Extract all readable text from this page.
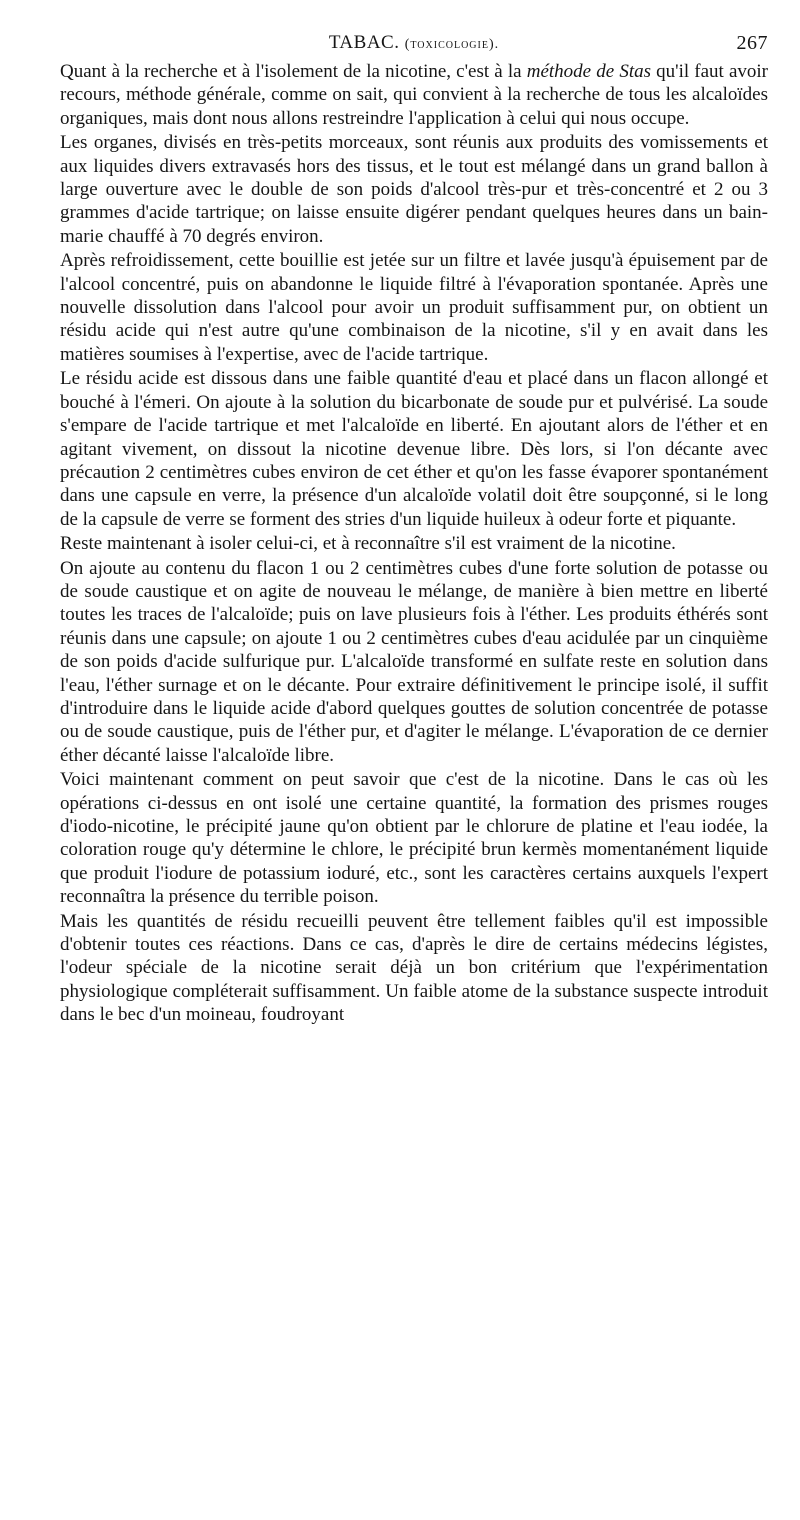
TABAC. (toxicologie).	267

Quant à la recherche et à l'isolement de la nicotine, c'est à la méthode de Stas qu'il faut avoir recours, méthode générale, comme on sait, qui convient à la recherche de tous les alcaloïdes organiques, mais dont nous allons restreindre l'application à celui qui nous occupe.

Les organes, divisés en très-petits morceaux, sont réunis aux produits des vomissements et aux liquides divers extravasés hors des tissus, et le tout est mélangé dans un grand ballon à large ouverture avec le double de son poids d'alcool très-pur et très-concentré et 2 ou 3 grammes d'acide tartrique; on laisse ensuite digérer pendant quelques heures dans un bain-marie chauffé à 70 degrés environ.

Après refroidissement, cette bouillie est jetée sur un filtre et lavée jusqu'à épuisement par de l'alcool concentré, puis on abandonne le liquide filtré à l'évaporation spontanée. Après une nouvelle dissolution dans l'alcool pour avoir un produit suffisamment pur, on obtient un résidu acide qui n'est autre qu'une combinaison de la nicotine, s'il y en avait dans les matières soumises à l'expertise, avec de l'acide tartrique.

Le résidu acide est dissous dans une faible quantité d'eau et placé dans un flacon allongé et bouché à l'émeri. On ajoute à la solution du bicarbonate de soude pur et pulvérisé. La soude s'empare de l'acide tartrique et met l'alcaloïde en liberté. En ajoutant alors de l'éther et en agitant vivement, on dissout la nicotine devenue libre. Dès lors, si l'on décante avec précaution 2 centimètres cubes environ de cet éther et qu'on les fasse évaporer spontanément dans une capsule en verre, la présence d'un alcaloïde volatil doit être soupçonné, si le long de la capsule de verre se forment des stries d'un liquide huileux à odeur forte et piquante.

Reste maintenant à isoler celui-ci, et à reconnaître s'il est vraiment de la nicotine.

On ajoute au contenu du flacon 1 ou 2 centimètres cubes d'une forte solution de potasse ou de soude caustique et on agite de nouveau le mélange, de manière à bien mettre en liberté toutes les traces de l'alcaloïde; puis on lave plusieurs fois à l'éther. Les produits éthérés sont réunis dans une capsule; on ajoute 1 ou 2 centimètres cubes d'eau acidulée par un cinquième de son poids d'acide sulfurique pur. L'alcaloïde transformé en sulfate reste en solution dans l'eau, l'éther surnage et on le décante. Pour extraire définitivement le principe isolé, il suffit d'introduire dans le liquide acide d'abord quelques gouttes de solution concentrée de potasse ou de soude caustique, puis de l'éther pur, et d'agiter le mélange. L'évaporation de ce dernier éther décanté laisse l'alcaloïde libre.

Voici maintenant comment on peut savoir que c'est de la nicotine. Dans le cas où les opérations ci-dessus en ont isolé une certaine quantité, la formation des prismes rouges d'iodo-nicotine, le précipité jaune qu'on obtient par le chlorure de platine et l'eau iodée, la coloration rouge qu'y détermine le chlore, le précipité brun kermès momentanément liquide que produit l'iodure de potassium ioduré, etc., sont les caractères certains auxquels l'expert reconnaîtra la présence du terrible poison.

Mais les quantités de résidu recueilli peuvent être tellement faibles qu'il est impossible d'obtenir toutes ces réactions. Dans ce cas, d'après le dire de certains médecins légistes, l'odeur spéciale de la nicotine serait déjà un bon critérium que l'expérimentation physiologique compléterait suffisamment. Un faible atome de la substance suspecte introduit dans le bec d'un moineau, foudroyant
